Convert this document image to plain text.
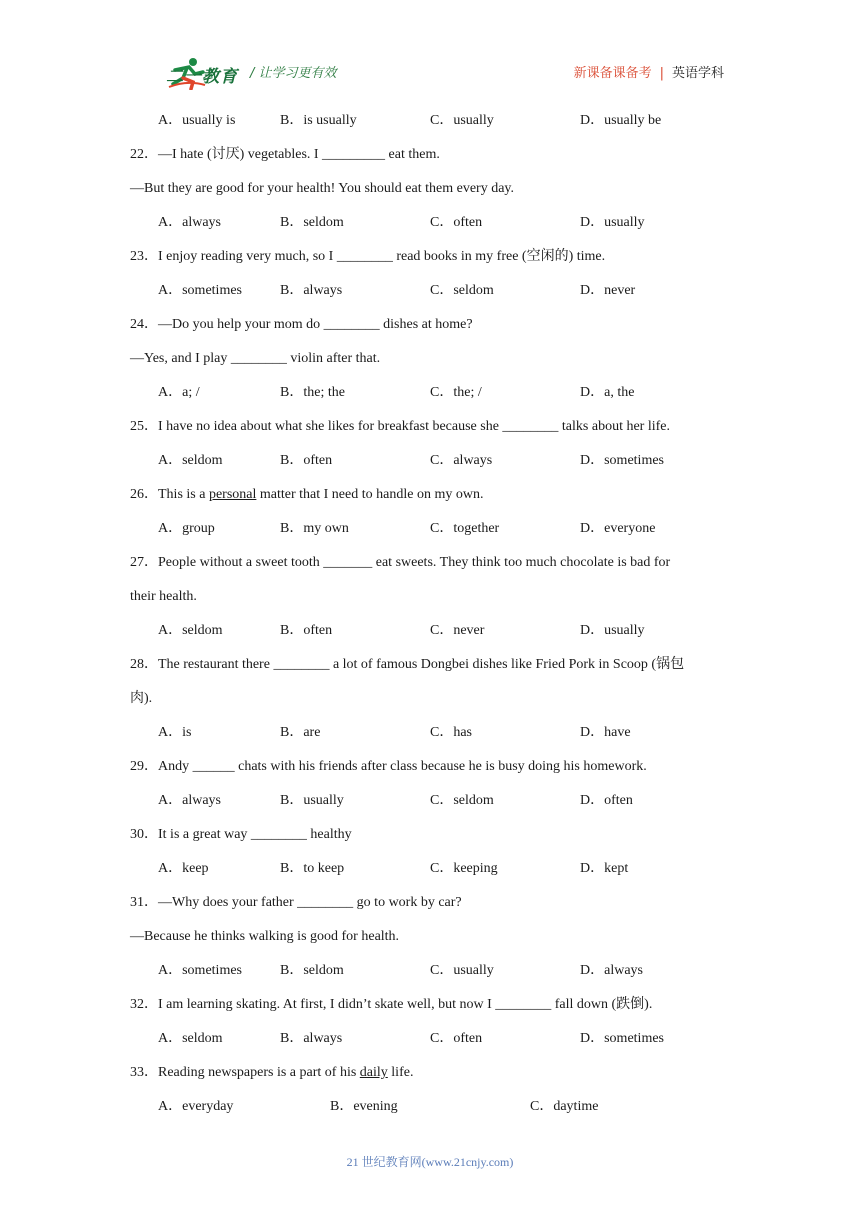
二一教育 / 让学习更有效	新课备课备考 | 英语学科
A．usually is	B．is usually	C．usually	D．usually be
22．—I hate (讨厌) vegetables. I _________ eat them.
—But they are good for your health! You should eat them every day.
A．always	B．seldom	C．often	D．usually
23．I enjoy reading very much, so I ________ read books in my free (空闲的) time.
A．sometimes	B．always	C．seldom	D．never
24．—Do you help your mom do ________ dishes at home?
—Yes, and I play ________ violin after that.
A．a; /	B．the; the	C．the; /	D．a, the
25．I have no idea about what she likes for breakfast because she ________ talks about her life.
A．seldom	B．often	C．always	D．sometimes
26．This is a personal matter that I need to handle on my own.
A．group	B．my own	C．together	D．everyone
27．People without a sweet tooth _______ eat sweets. They think too much chocolate is bad for
their health.
A．seldom	B．often	C．never	D．usually
28．The restaurant there ________ a lot of famous Dongbei dishes like Fried Pork in Scoop (锅包
肉).
A．is	B．are	C．has	D．have
29．Andy ______ chats with his friends after class because he is busy doing his homework.
A．always	B．usually	C．seldom	D．often
30．It is a great way ________ healthy
A．keep	B．to keep	C．keeping	D．kept
31．—Why does your father ________ go to work by car?
—Because he thinks walking is good for health.
A．sometimes	B．seldom	C．usually	D．always
32．I am learning skating. At first, I didn’t skate well, but now I ________ fall down (跌倒).
A．seldom	B．always	C．often	D．sometimes
33．Reading newspapers is a part of his daily life.
A．everyday	B．evening	C．daytime
21 世纪教育网(www.21cnjy.com)
